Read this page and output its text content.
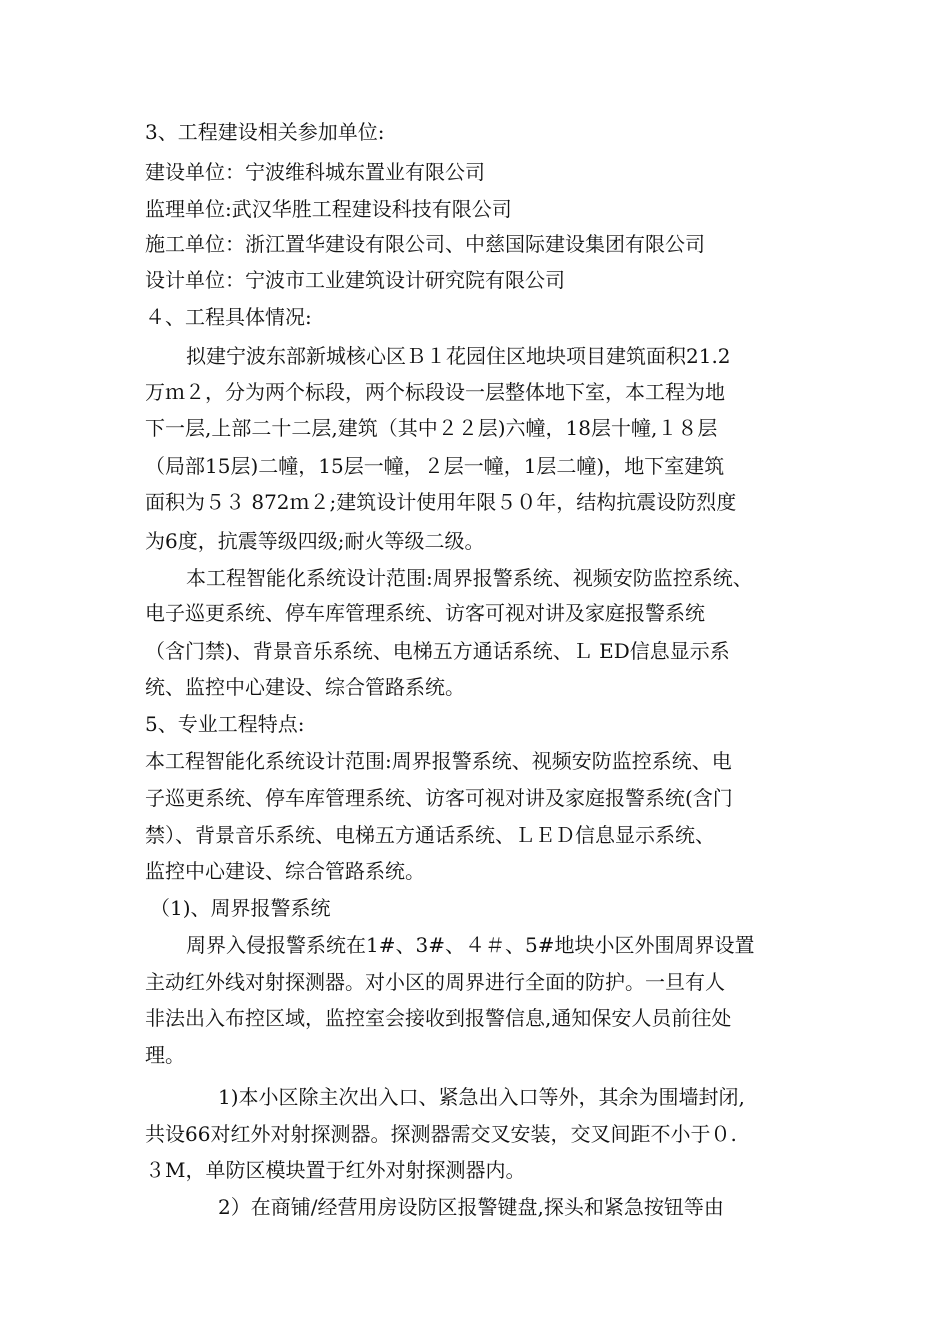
3、工程建设相关参加单位:
建设单位：宁波维科城东置业有限公司
监理单位:武汉华胜工程建设科技有限公司
施工单位：浙江置华建设有限公司、中慈国际建设集团有限公司
设计单位：宁波市工业建筑设计研究院有限公司
４、工程具体情况:
拟建宁波东部新城核心区Ｂ１花园住区地块项目建筑面积21.2
万ｍ２，分为两个标段，两个标段设一层整体地下室，本工程为地
下一层,上部二十二层,建筑（其中２２层)六幢，18层十幢,１８层
（局部15层)二幢，15层一幢，２层一幢，1层二幢)，地下室建筑
面积为５３ 872ｍ２;建筑设计使用年限５０年，结构抗震设防烈度
为6度，抗震等级四级;耐火等级二级。
本工程智能化系统设计范围:周界报警系统、视频安防监控系统、
电子巡更系统、停车库管理系统、访客可视对讲及家庭报警系统
（含门禁)、背景音乐系统、电梯五方通话系统、Ｌ ED信息显示系
统、监控中心建设、综合管路系统。
5、专业工程特点:
本工程智能化系统设计范围:周界报警系统、视频安防监控系统、电
子巡更系统、停车库管理系统、访客可视对讲及家庭报警系统(含门
禁）、背景音乐系统、电梯五方通话系统、ＬＥＤ信息显示系统、
监控中心建设、综合管路系统。
（1)、周界报警系统
周界入侵报警系统在1#、3#、４＃、5#地块小区外围周界设置
主动红外线对射探测器。对小区的周界进行全面的防护。一旦有人
非法出入布控区域，监控室会接收到报警信息,通知保安人员前往处
理。
1)本小区除主次出入口、紧急出入口等外，其余为围墙封闭,
共设66对红外对射探测器。探测器需交叉安装，交叉间距不小于０.
３M，单防区模块置于红外对射探测器内。
2）在商铺/经营用房设防区报警键盘,探头和紧急按钮等由
